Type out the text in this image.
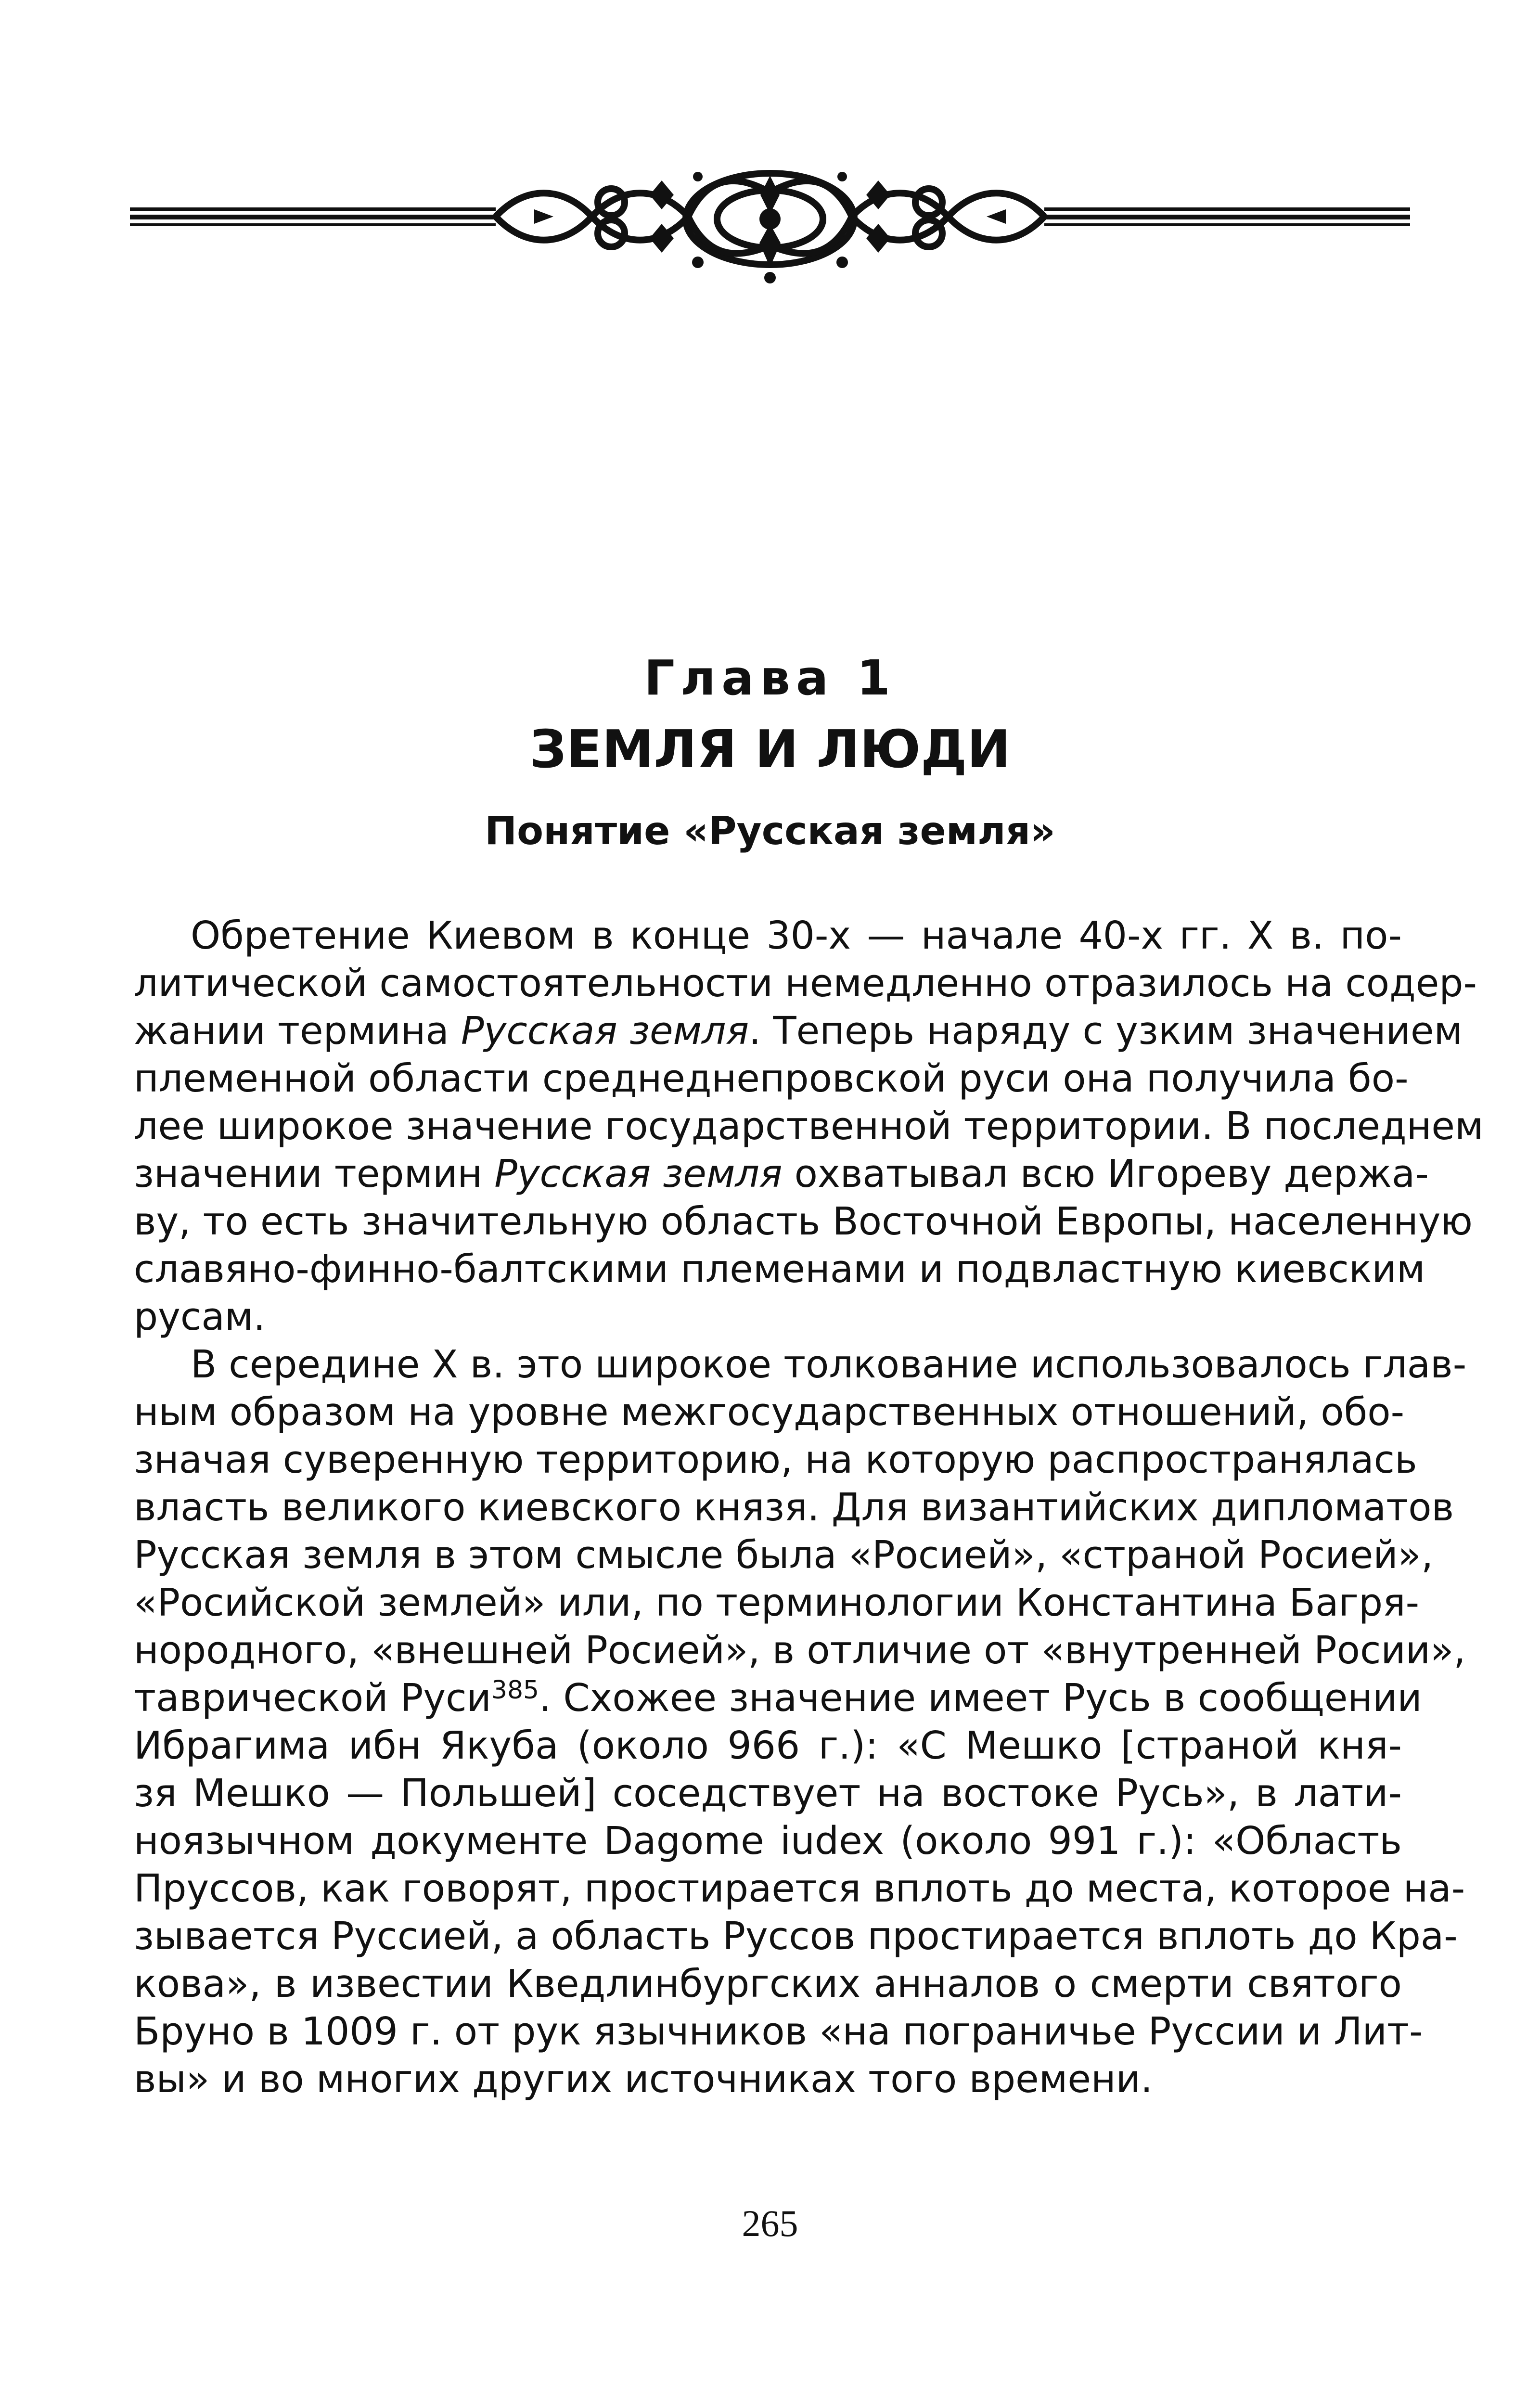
Глава 1
ЗЕМЛЯ И ЛЮДИ
Понятие «Русская земля»
Обретение Киевом в конце 30-х — начале 40-х гг. Х в. по-
литической самостоятельности немедленно отразилось на содер-
жании термина Русская земля. Теперь наряду с узким значением
племенной области среднеднепровской руси она получила бо-
лее широкое значение государственной территории. В последнем
значении термин Русская земля охватывал всю Игореву держа-
ву, то есть значительную область Восточной Европы, населенную
славяно-финно-балтскими племенами и подвластную киевским
русам.
В середине Х в. это широкое толкование использовалось глав-
ным образом на уровне межгосударственных отношений, обо-
значая суверенную территорию, на которую распространялась
власть великого киевского князя. Для византийских дипломатов
Русская земля в этом смысле была «Росией», «страной Росией»,
«Росийской землей» или, по терминологии Константина Багря-
нородного, «внешней Росией», в отличие от «внутренней Росии»,
таврической Руси$^{385}$. Схожее значение имеет Русь в сообщении
Ибрагима ибн Якуба (около 966 г.): «С Мешко [страной кня-
зя Мешко — Польшей] соседствует на востоке Русь», в лати-
ноязычном документе Dagome iudex (около 991 г.): «Область
Пруссов, как говорят, простирается вплоть до места, которое на-
зывается Руссией, а область Руссов простирается вплоть до Кра-
кова», в известии Кведлинбургских анналов о смерти святого
Бруно в 1009 г. от рук язычников «на пограничье Руссии и Лит-
вы» и во многих других источниках того времени.
265
